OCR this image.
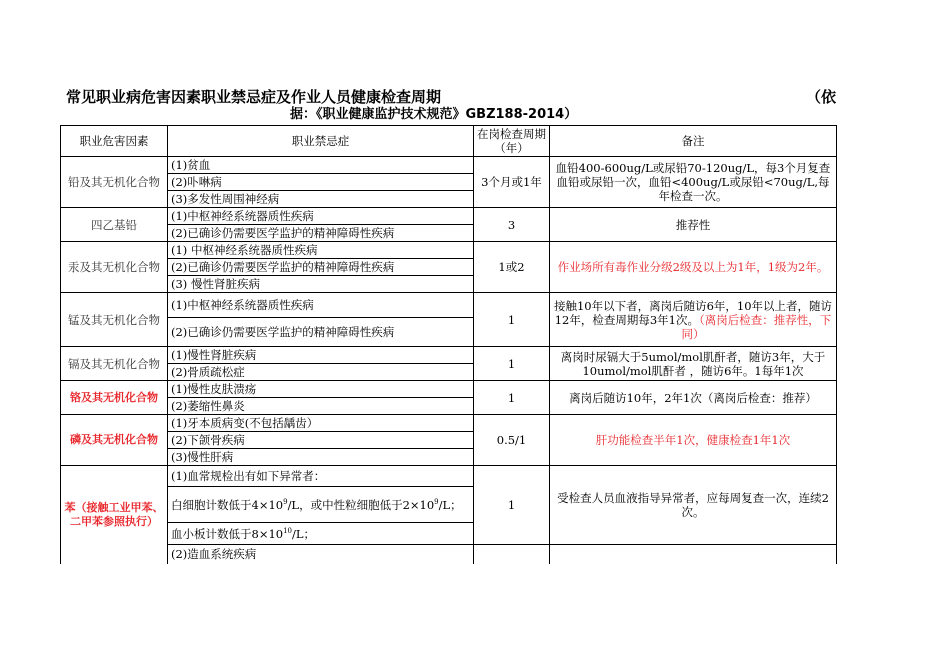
常见职业病危害因素职业禁忌症及作业人员健康检查周期	（依
据：《职业健康监护技术规范》GBZ188-2014）
职业危害因素	职业禁忌症	在岗检查周期（年）	备注
铅及其无机化合物	(1)贫血	3个月或1年	血铅400-600ug/L或尿铅70-120ug/L，每3个月复查血铅或尿铅一次，血铅<400ug/L或尿铅<70ug/L,每年检查一次。
	(2)卟啉病		
	(3)多发性周围神经病		
四乙基铅	(1)中枢神经系统器质性疾病	3	推荐性
	(2)已确诊仍需要医学监护的精神障碍性疾病		
汞及其无机化合物	(1) 中枢神经系统器质性疾病	1或2	作业场所有毒作业分级2级及以上为1年，1级为2年。
	(2)已确诊仍需要医学监护的精神障碍性疾病		
	(3) 慢性肾脏疾病		
锰及其无机化合物	(1)中枢神经系统器质性疾病	1	接触10年以下者，离岗后随访6年，10年以上者，随访12年，检查周期每3年1次。（离岗后检查：推荐性，下同）
	(2)已确诊仍需要医学监护的精神障碍性疾病		
镉及其无机化合物	(1)慢性肾脏疾病	1	离岗时尿镉大于5umol/mol肌酐者，随访3年，大于10umol/mol肌酐者 ，随访6年。1每年1次
	(2)骨质疏松症		
铬及其无机化合物	(1)慢性皮肤溃疡	1	离岗后随访10年，2年1次（离岗后检查：推荐）
	(2)萎缩性鼻炎		
磷及其无机化合物	(1)牙本质病变(不包括龋齿）	0.5/1	肝功能检查半年1次，健康检查1年1次
	(2)下颌骨疾病		
	(3)慢性肝病		
苯（接触工业甲苯、二甲苯参照执行）	(1)血常规检出有如下异常者：	1	受检查人员血液指导异常者，应每周复查一次，连续2次。
	白细胞计数低于$4\times 10^9/L$，或中性粒细胞低于$2\times 10^9/L$；		
	血小板计数低于$8\times 10^{10}/L$；		
	(2)造血系统疾病		
